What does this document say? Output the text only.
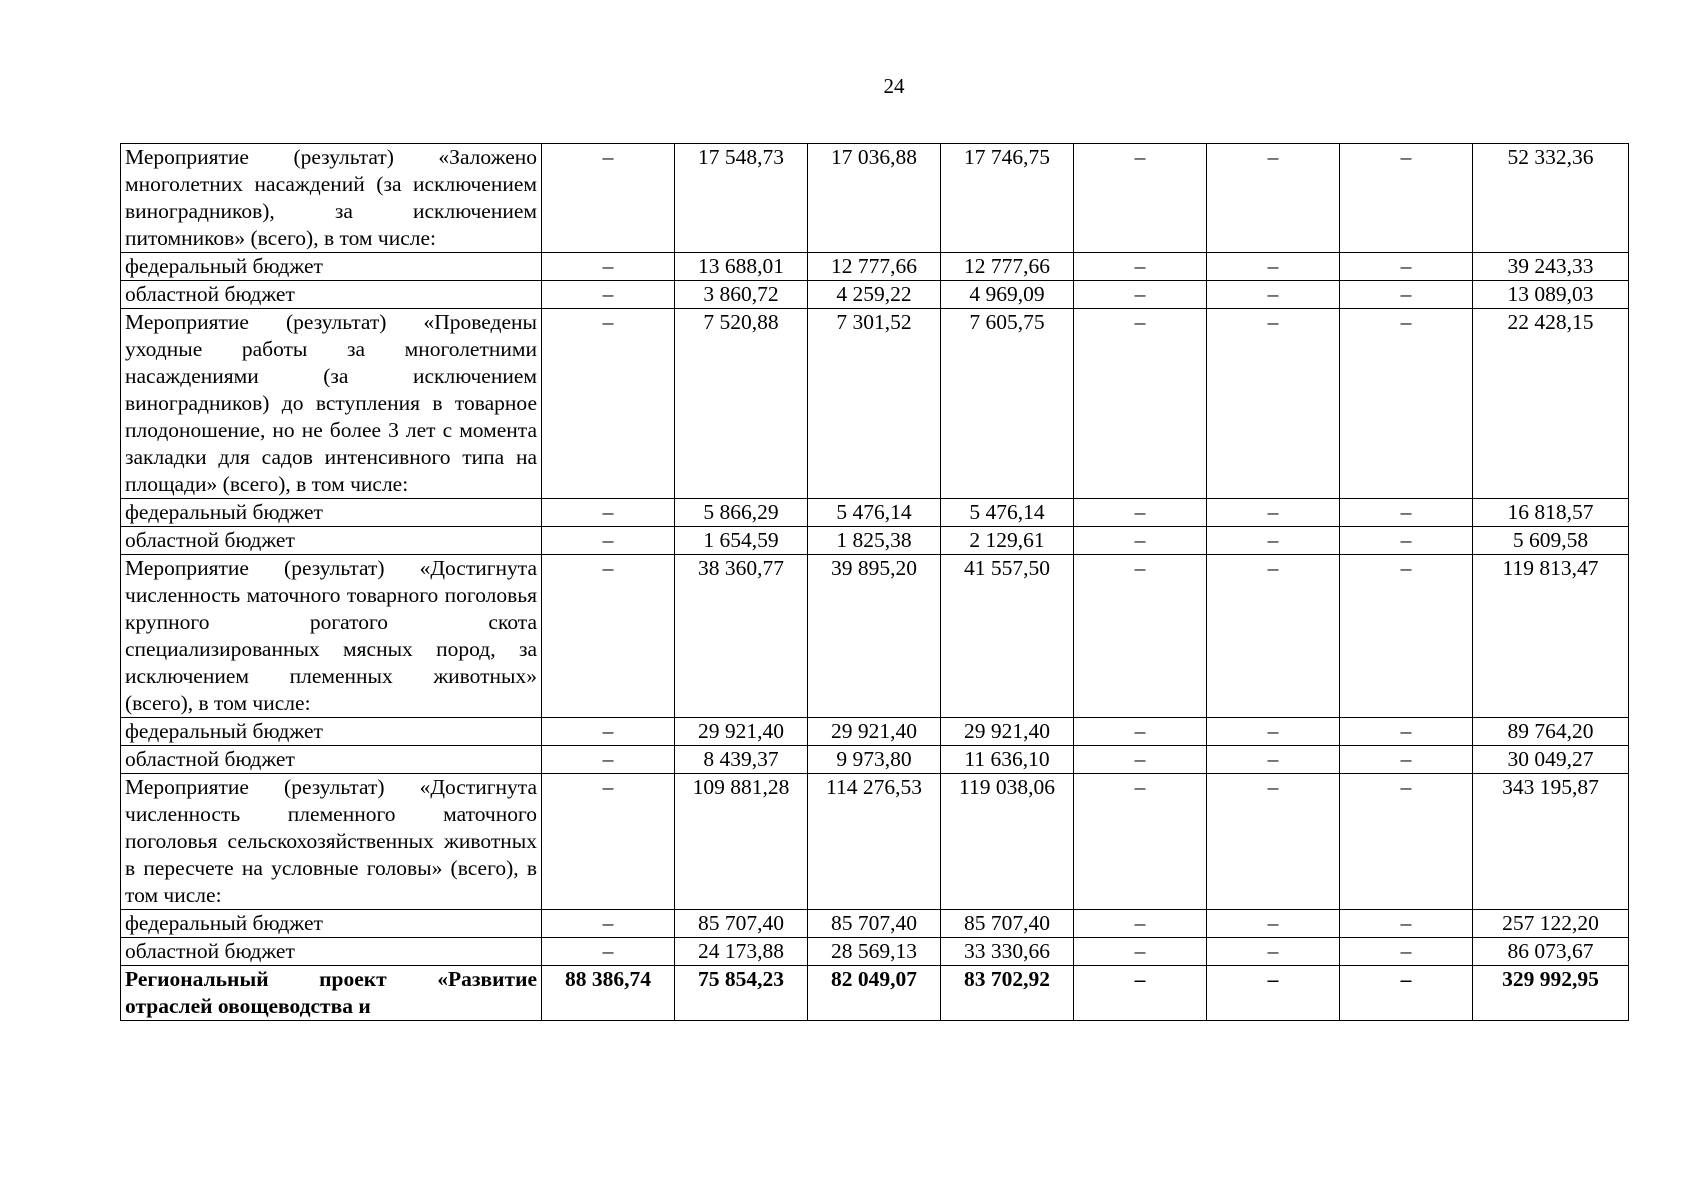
24
Мероприятие (результат) «Заложено многолетних насаждений (за исключением виноградников), за исключением питомников» (всего), в том числе:	–	17 548,73	17 036,88	17 746,75	–	–	–	52 332,36
федеральный бюджет	–	13 688,01	12 777,66	12 777,66	–	–	–	39 243,33
областной бюджет	–	3 860,72	4 259,22	4 969,09	–	–	–	13 089,03
Мероприятие (результат) «Проведены уходные работы за многолетними насаждениями (за исключением виноградников) до вступления в товарное плодоношение, но не более 3 лет с момента закладки для садов интенсивного типа на площади» (всего), в том числе:	–	7 520,88	7 301,52	7 605,75	–	–	–	22 428,15
федеральный бюджет	–	5 866,29	5 476,14	5 476,14	–	–	–	16 818,57
областной бюджет	–	1 654,59	1 825,38	2 129,61	–	–	–	5 609,58
Мероприятие (результат) «Достигнута численность маточного товарного поголовья крупного рогатого скота специализированных мясных пород, за исключением племенных животных» (всего), в том числе:	–	38 360,77	39 895,20	41 557,50	–	–	–	119 813,47
федеральный бюджет	–	29 921,40	29 921,40	29 921,40	–	–	–	89 764,20
областной бюджет	–	8 439,37	9 973,80	11 636,10	–	–	–	30 049,27
Мероприятие (результат) «Достигнута численность племенного маточного поголовья сельскохозяйственных животных в пересчете на условные головы» (всего), в том числе:	–	109 881,28	114 276,53	119 038,06	–	–	–	343 195,87
федеральный бюджет	–	85 707,40	85 707,40	85 707,40	–	–	–	257 122,20
областной бюджет	–	24 173,88	28 569,13	33 330,66	–	–	–	86 073,67
Региональный проект «Развитие отраслей овощеводства и	88 386,74	75 854,23	82 049,07	83 702,92	–	–	–	329 992,95
